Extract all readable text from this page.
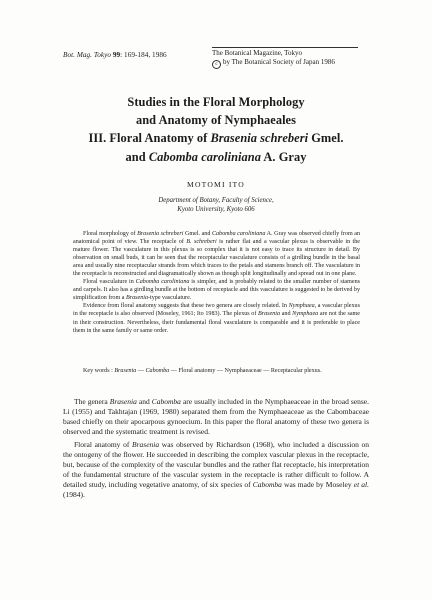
Bot. Mag. Tokyo 99: 169-184, 1986	The Botanical Magazine, Tokyo
c by The Botanical Society of Japan 1986
Studies in the Floral Morphology
and Anatomy of Nymphaeales
III. Floral Anatomy of Brasenia schreberi Gmel.
and Cabomba caroliniana A. Gray
MOTOMI ITO
Department of Botany, Faculty of Science,
Kyoto University, Kyoto 606

Floral morphology of Brasenia schreberi Gmel. and Cabomba caroliniana A. Gray was observed chiefly from an anatomical point of view. The receptacle of B. schreberi is rather flat and a vascular plexus is observable in the mature flower. The vasculature in this plexus is so complex that it is not easy to trace its structure in detail. By observation on small buds, it can be seen that the receptacular vasculature consists of a girdling bundle in the basal area and usually nine receptacular strands from which traces to the petals and stamens branch off. The vasculature in the receptacle is reconstructed and diagramatically shown as though split longitudinally and spread out in one plane.

Floral vasculature in Cabomba caroliniana is simpler, and is probably related to the smaller number of stamens and carpels. It also has a girdling bundle at the bottom of receptacle and this vasculature is suggested to be derived by simplification from a Brasenia-type vasculature.

Evidence from floral anatomy suggests that these two genera are closely related. In Nymphaea, a vascular plexus in the receptacle is also observed (Moseley, 1961; Ito 1983). The plexus of Brasenia and Nymphaea are not the same in their construction. Nevertheless, their fundamental floral vasculature is comparable and it is preferable to place them in the same family or same order.

Key words : Brasenia — Cabomba — Floral anatomy — Nymphaeaceae — Receptacular plexus.

The genera Brasenia and Cabomba are usually included in the Nymphaeaceae in the broad sense. Li (1955) and Takhtajan (1969, 1980) separated them from the Nymphaeaceae as the Cabombaceae based chiefly on their apocarpous gynoecium. In this paper the floral anatomy of these two genera is observed and the systematic treatment is revised.

Floral anatomy of Brasenia was observed by Richardson (1968), who included a discussion on the ontogeny of the flower. He succeeded in describing the complex vascular plexus in the receptacle, but, because of the complexity of the vascular bundles and the rather flat receptacle, his interpretation of the fundamental structure of the vascular system in the receptacle is rather difficult to follow. A detailed study, including vegetative anatomy, of six species of Cabomba was made by Moseley et al. (1984).
